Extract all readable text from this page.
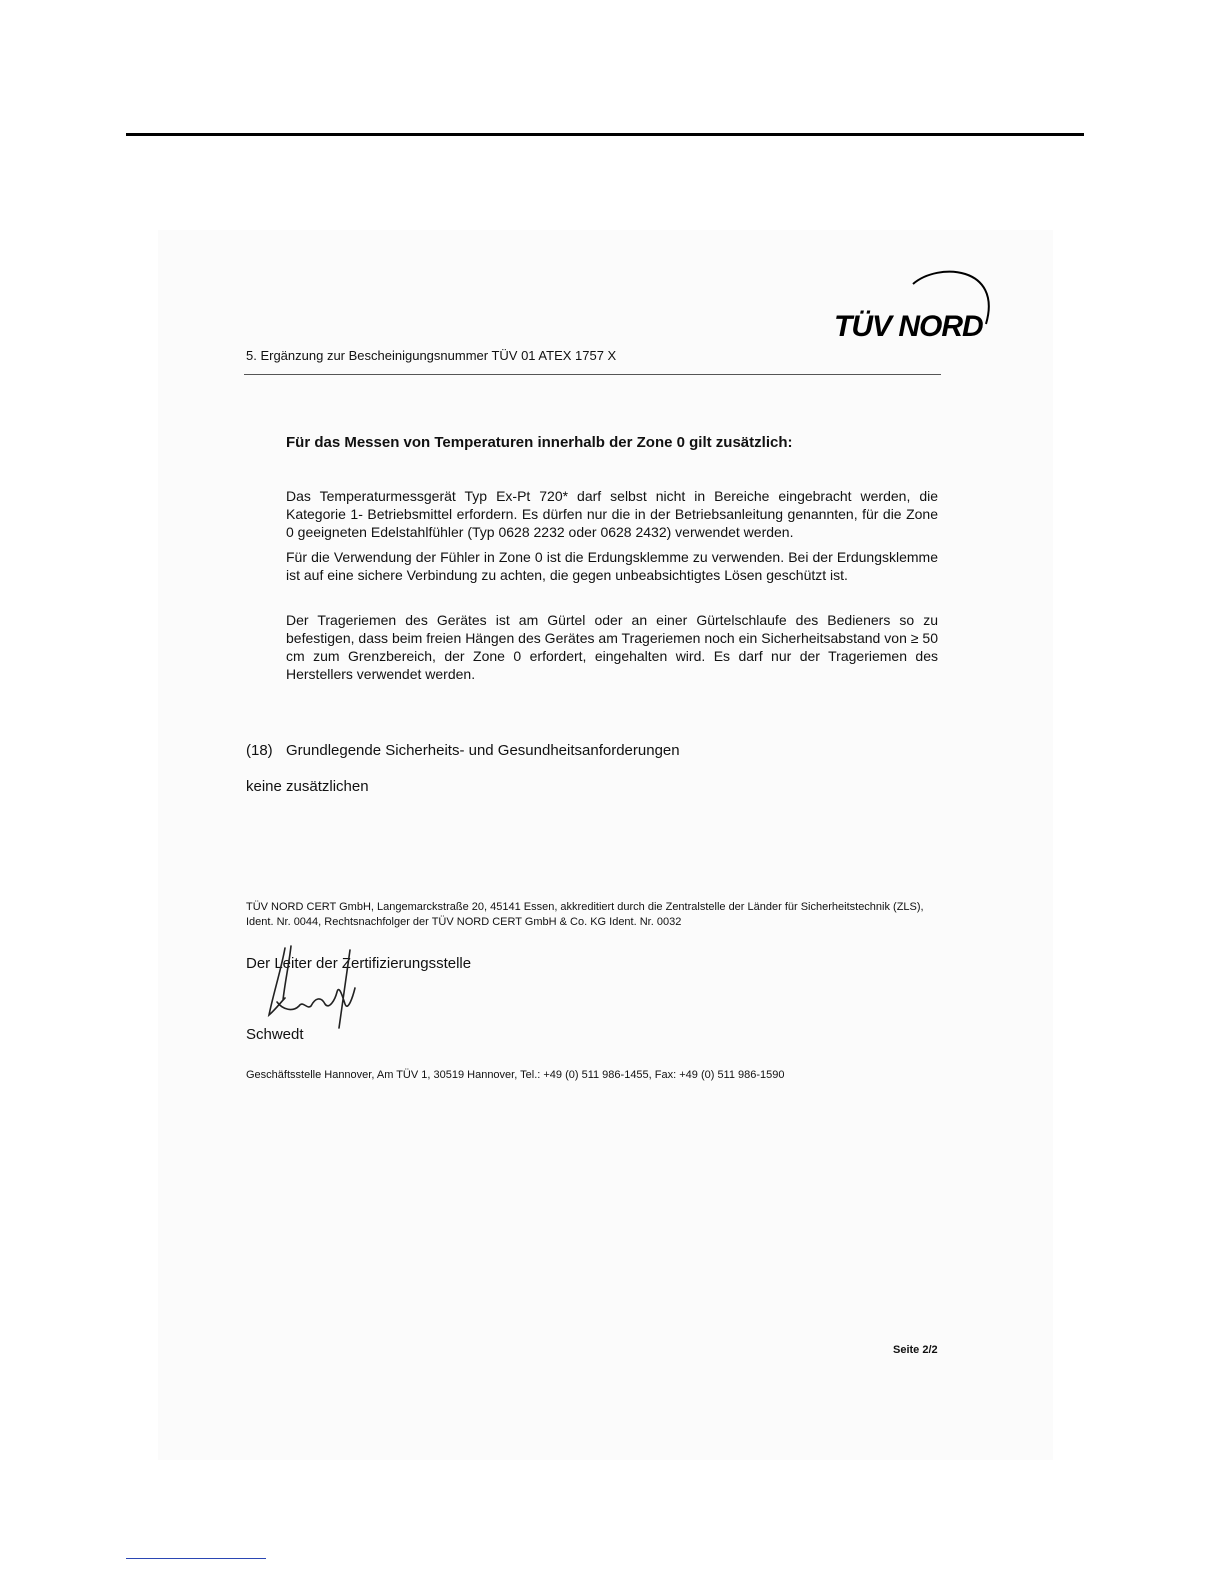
TÜV NORD
5. Ergänzung zur Bescheinigungsnummer TÜV 01 ATEX 1757 X
Für das Messen von Temperaturen innerhalb der Zone 0 gilt zusätzlich:
Das Temperaturmessgerät Typ Ex-Pt 720* darf selbst nicht in Bereiche eingebracht werden, die Kategorie 1- Betriebsmittel erfordern. Es dürfen nur die in der Betriebsanleitung genannten, für die Zone 0 geeigneten Edelstahlfühler (Typ 0628 2232 oder 0628 2432) verwendet werden.
Für die Verwendung der Fühler in Zone 0 ist die Erdungsklemme zu verwenden. Bei der Erdungsklemme ist auf eine sichere Verbindung zu achten, die gegen unbeabsichtigtes Lösen geschützt ist.
Der Trageriemen des Gerätes ist am Gürtel oder an einer Gürtelschlaufe des Bedieners so zu befestigen, dass beim freien Hängen des Gerätes am Trageriemen noch ein Sicherheitsabstand von ≥ 50 cm zum Grenzbereich, der Zone 0 erfordert, eingehalten wird. Es darf nur der Trageriemen des Herstellers verwendet werden.
(18) Grundlegende Sicherheits- und Gesundheitsanforderungen
keine zusätzlichen
TÜV NORD CERT GmbH, Langemarckstraße 20, 45141 Essen, akkreditiert durch die Zentralstelle der Länder für Sicherheitstechnik (ZLS), Ident. Nr. 0044, Rechtsnachfolger der TÜV NORD CERT GmbH & Co. KG Ident. Nr. 0032
Der Leiter der Zertifizierungsstelle
Schwedt
Geschäftsstelle Hannover, Am TÜV 1, 30519 Hannover, Tel.: +49 (0) 511 986-1455, Fax: +49 (0) 511 986-1590
Seite 2/2
